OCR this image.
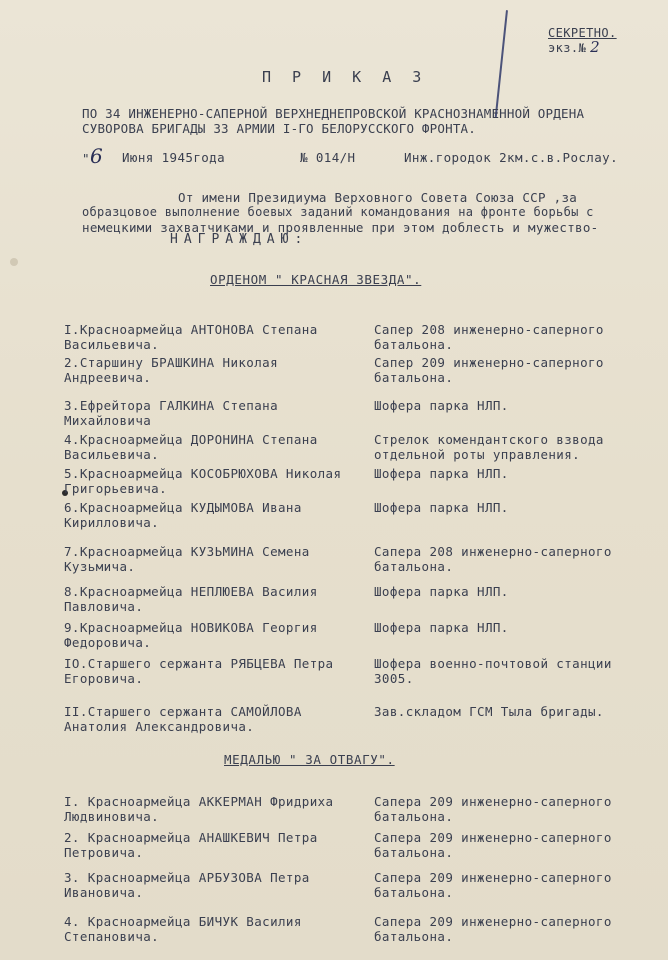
СЕКРЕТНО.
экз.№ 2
П Р И К А З
ПО 34 ИНЖЕНЕРНО-САПЕРНОЙ ВЕРХНЕДНЕПРОВСКОЙ КРАСНОЗНАМЕННОЙ ОРДЕНА
СУВОРОВА БРИГАДЫ 33 АРМИИ I-ГО БЕЛОРУССКОГО ФРОНТА.
"6 Июня 1945года	№ 014/Н	Инж.городок 2км.с.в.Рослау.
От имени Президиума Верховного Совета Союза ССР ,за
образцовое выполнение боевых заданий командования на фронте борьбы с
немецкими захватчиками и проявленные при этом доблесть и мужество-
НАГРАЖДАЮ:
ОРДЕНОМ " КРАСНАЯ ЗВЕЗДА".
I.Красноармейца АНТОНОВА Степана Васильевича.
Сапер 208 инженерно-саперного батальона.
2.Старшину БРАШКИНА Николая Андреевича.
Сапер 209 инженерно-саперного батальона.
3.Ефрейтора ГАЛКИНА Степана Михайловича
Шофера парка НЛП.
4.Красноармейца ДОРОНИНА Степана Васильевича.
Стрелок комендантского взвода отдельной роты управления.
5.Красноармейца КОСОБРЮХОВА Николая Григорьевича.
Шофера парка НЛП.
6.Красноармейца КУДЫМОВА Ивана Кирилловича.
Шофера парка НЛП.
7.Красноармейца КУЗЬМИНА Семена Кузьмича.
Сапера 208 инженерно-саперного батальона.
8.Красноармейца НЕПЛЮЕВА Василия Павловича.
Шофера парка НЛП.
9.Красноармейца НОВИКОВА Георгия Федоровича.
Шофера парка НЛП.
IO.Старшего сержанта РЯБЦЕВА Петра Егоровича.
Шофера военно-почтовой станции 3005.
II.Старшего сержанта САМОЙЛОВА Анатолия Александровича.
Зав.складом ГСМ Тыла бригады.
МЕДАЛЬЮ " ЗА ОТВАГУ".
I. Красноармейца АККЕРМАН Фридриха Людвиновича.
Сапера 209 инженерно-саперного батальона.
2. Красноармейца АНАШКЕВИЧ Петра Петровича.
Сапера 209 инженерно-саперного батальона.
3. Красноармейца АРБУЗОВА Петра Ивановича.
Сапера 209 инженерно-саперного батальона.
4. Красноармейца БИЧУК Василия Степановича.
Сапера 209 инженерно-саперного батальона.
